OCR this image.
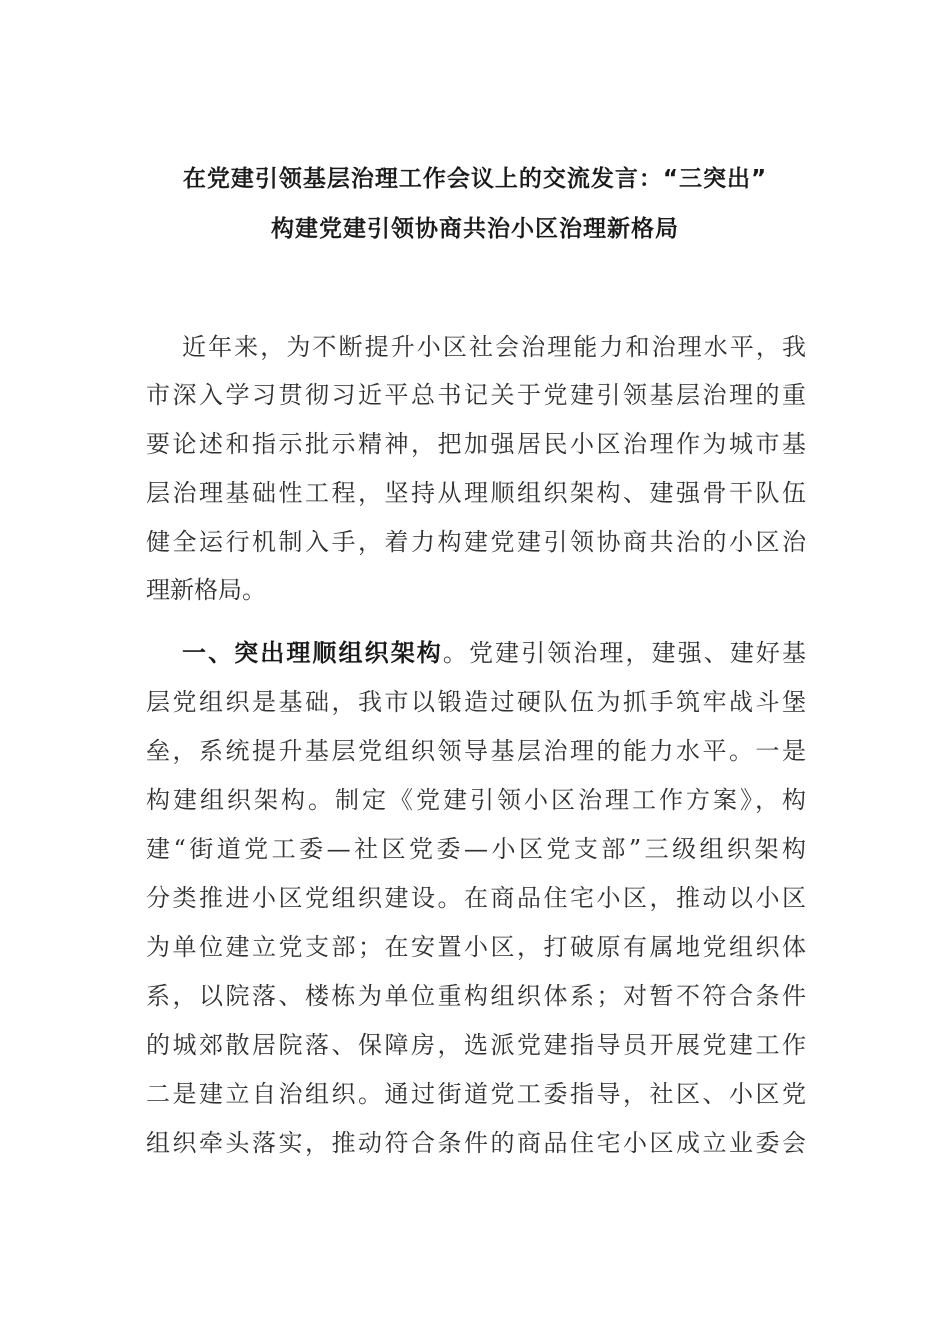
在党建引领基层治理工作会议上的交流发言：“三突出”
构建党建引领协商共治小区治理新格局
近年来，为不断提升小区社会治理能力和治理水平，我
市深入学习贯彻习近平总书记关于党建引领基层治理的重
要论述和指示批示精神，把加强居民小区治理作为城市基
层治理基础性工程，坚持从理顺组织架构、建强骨干队伍
健全运行机制入手，着力构建党建引领协商共治的小区治
理新格局。
一、突出理顺组织架构。党建引领治理，建强、建好基
层党组织是基础，我市以锻造过硬队伍为抓手筑牢战斗堡
垒，系统提升基层党组织领导基层治理的能力水平。一是
构建组织架构。制定《党建引领小区治理工作方案》，构
建“街道党工委—社区党委—小区党支部”三级组织架构
分类推进小区党组织建设。在商品住宅小区，推动以小区
为单位建立党支部；在安置小区，打破原有属地党组织体
系，以院落、楼栋为单位重构组织体系；对暂不符合条件
的城郊散居院落、保障房，选派党建指导员开展党建工作
二是建立自治组织。通过街道党工委指导，社区、小区党
组织牵头落实，推动符合条件的商品住宅小区成立业委会
